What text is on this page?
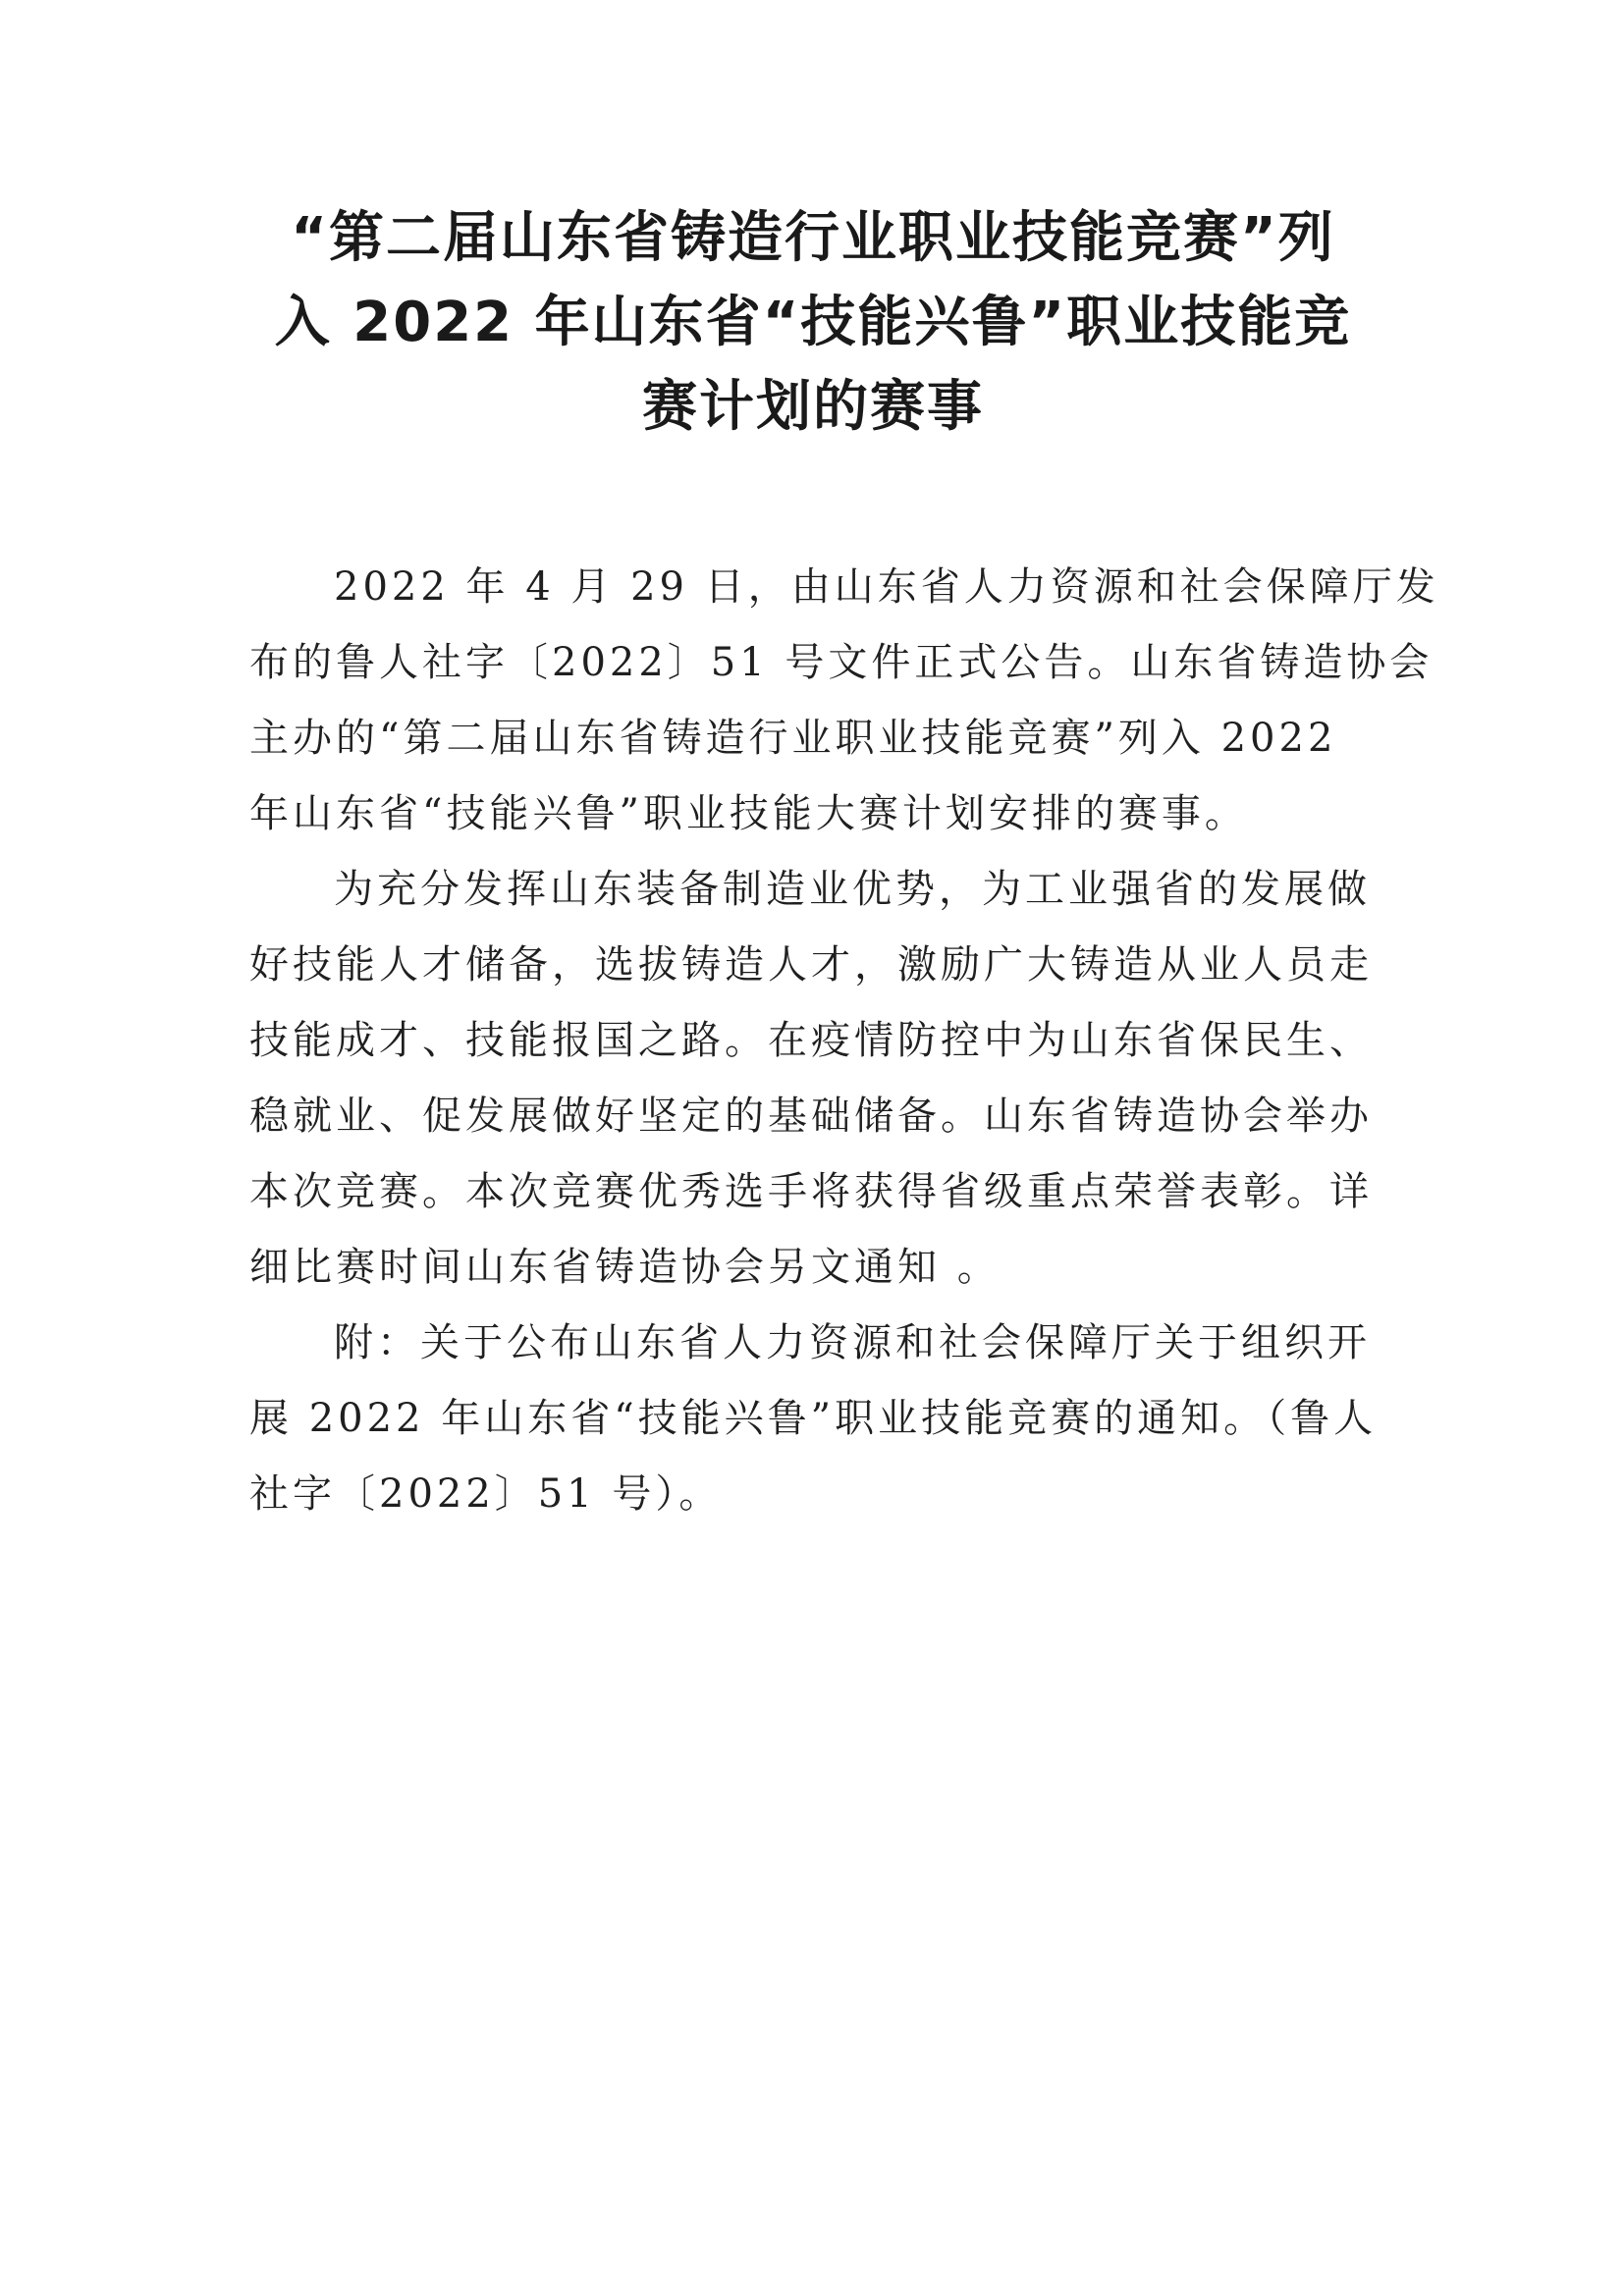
“第二届山东省铸造行业职业技能竞赛”列
入 2022 年山东省“技能兴鲁”职业技能竞
赛计划的赛事
2022 年 4 月 29 日，由山东省人力资源和社会保障厅发
布的鲁人社字〔2022〕51 号文件正式公告。山东省铸造协会
主办的“第二届山东省铸造行业职业技能竞赛”列入 2022
年山东省“技能兴鲁”职业技能大赛计划安排的赛事。
为充分发挥山东装备制造业优势，为工业强省的发展做
好技能人才储备，选拔铸造人才，激励广大铸造从业人员走
技能成才、技能报国之路。在疫情防控中为山东省保民生、
稳就业、促发展做好坚定的基础储备。山东省铸造协会举办
本次竞赛。本次竞赛优秀选手将获得省级重点荣誉表彰。详
细比赛时间山东省铸造协会另文通知 。
附：关于公布山东省人力资源和社会保障厅关于组织开
展 2022 年山东省“技能兴鲁”职业技能竞赛的通知。（鲁人
社字〔2022〕51 号）。
